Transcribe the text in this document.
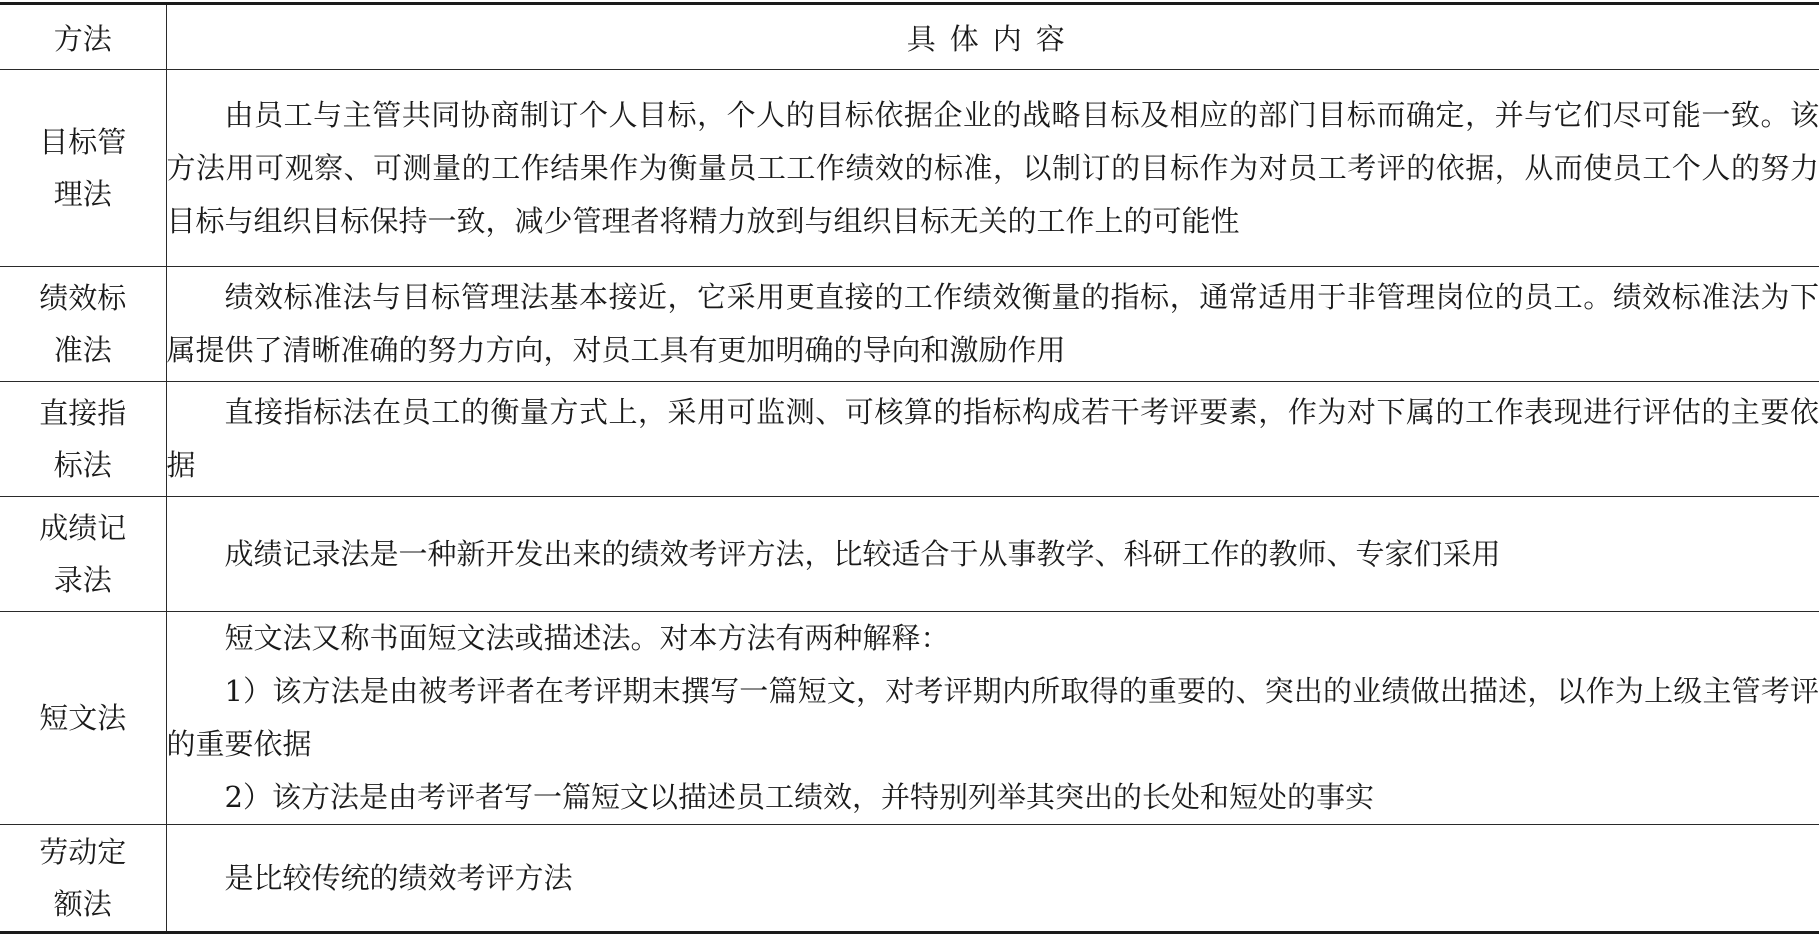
方法	具体内容

目标管
理法	由员工与主管共同协商制订个人目标，个人的目标依据企业的战略目标及相应的部门目标而确定，并与它们尽可能一致。该方法用可观察、可测量的工作结果作为衡量员工工作绩效的标准，以制订的目标作为对员工考评的依据，从而使员工个人的努力目标与组织目标保持一致，减少管理者将精力放到与组织目标无关的工作上的可能性

绩效标
准法	绩效标准法与目标管理法基本接近，它采用更直接的工作绩效衡量的指标，通常适用于非管理岗位的员工。绩效标准法为下属提供了清晰准确的努力方向，对员工具有更加明确的导向和激励作用

直接指
标法	直接指标法在员工的衡量方式上，采用可监测、可核算的指标构成若干考评要素，作为对下属的工作表现进行评估的主要依据

成绩记
录法	成绩记录法是一种新开发出来的绩效考评方法，比较适合于从事教学、科研工作的教师、专家们采用

短文法	短文法又称书面短文法或描述法。对本方法有两种解释：

1）该方法是由被考评者在考评期末撰写一篇短文，对考评期内所取得的重要的、突出的业绩做出描述，以作为上级主管考评的重要依据

2）该方法是由考评者写一篇短文以描述员工绩效，并特别列举其突出的长处和短处的事实

劳动定
额法	是比较传统的绩效考评方法
